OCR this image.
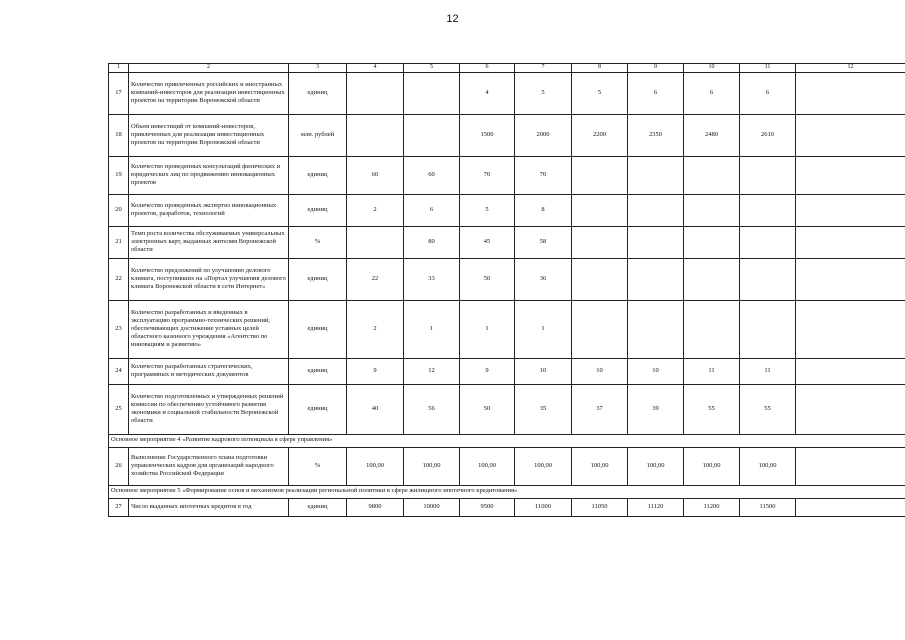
12
1	2	3	4	5	6	7	8	9	10	11	12
17	Количество привлеченных российских и иностранных компаний-инвесторов для реализации инвестиционных проектов на территории Воронежской области	единиц			4	5	5	6	6	6	
18	Объем инвестиций от компаний-инвесторов, привлеченных для реализации инвестиционных проектов на территории Воронежской области	млн. рублей			1500	2000	2200	2350	2480	2610	
19	Количество проведенных консультаций физических и юридических лиц по продвижению инновационных проектов	единиц	60	60	70	70					
20	Количество проведенных экспертиз инновационных проектов, разработок, технологий	единиц	2	6	5	8					
21	Темп роста количества обслуживаемых универсальных электронных карт, выданных жителям Воронежской области	%		80	45	58					
22	Количество предложений по улучшению делового климата, поступивших на «Портал улучшения делового климата Воронежской области в сети Интернет»	единиц	22	33	50	36					
23	Количество разработанных и введенных в эксплуатацию программно-технических решений, обеспечивающих достижение уставных целей областного казенного учреждения «Агентство по инновациям и развитию»	единиц	2	1	1	1					
24	Количество разработанных стратегических, программных и методических документов	единиц	9	12	9	10	10	10	11	11	
25	Количество подготовленных и утвержденных решений комиссии по обеспечению устойчивого развития экономики и социальной стабильности Воронежской области	единиц	40	56	50	35	37	39	55	55	
Основное мероприятие 4 «Развитие кадрового потенциала в сфере управления»											
26	Выполнение Государственного плана подготовки управленческих кадров для организаций народного хозяйства Российской Федерации	%	100,00	100,00	100,00	100,00	100,00	100,00	100,00	100,00	
Основное мероприятие 5 «Формирование основ и механизмов реализации региональной политики в сфере жилищного ипотечного кредитования»											
27	Число выданных ипотечных кредитов в год	единиц	9800	10000	9500	11000	11050	11120	11200	11500	
